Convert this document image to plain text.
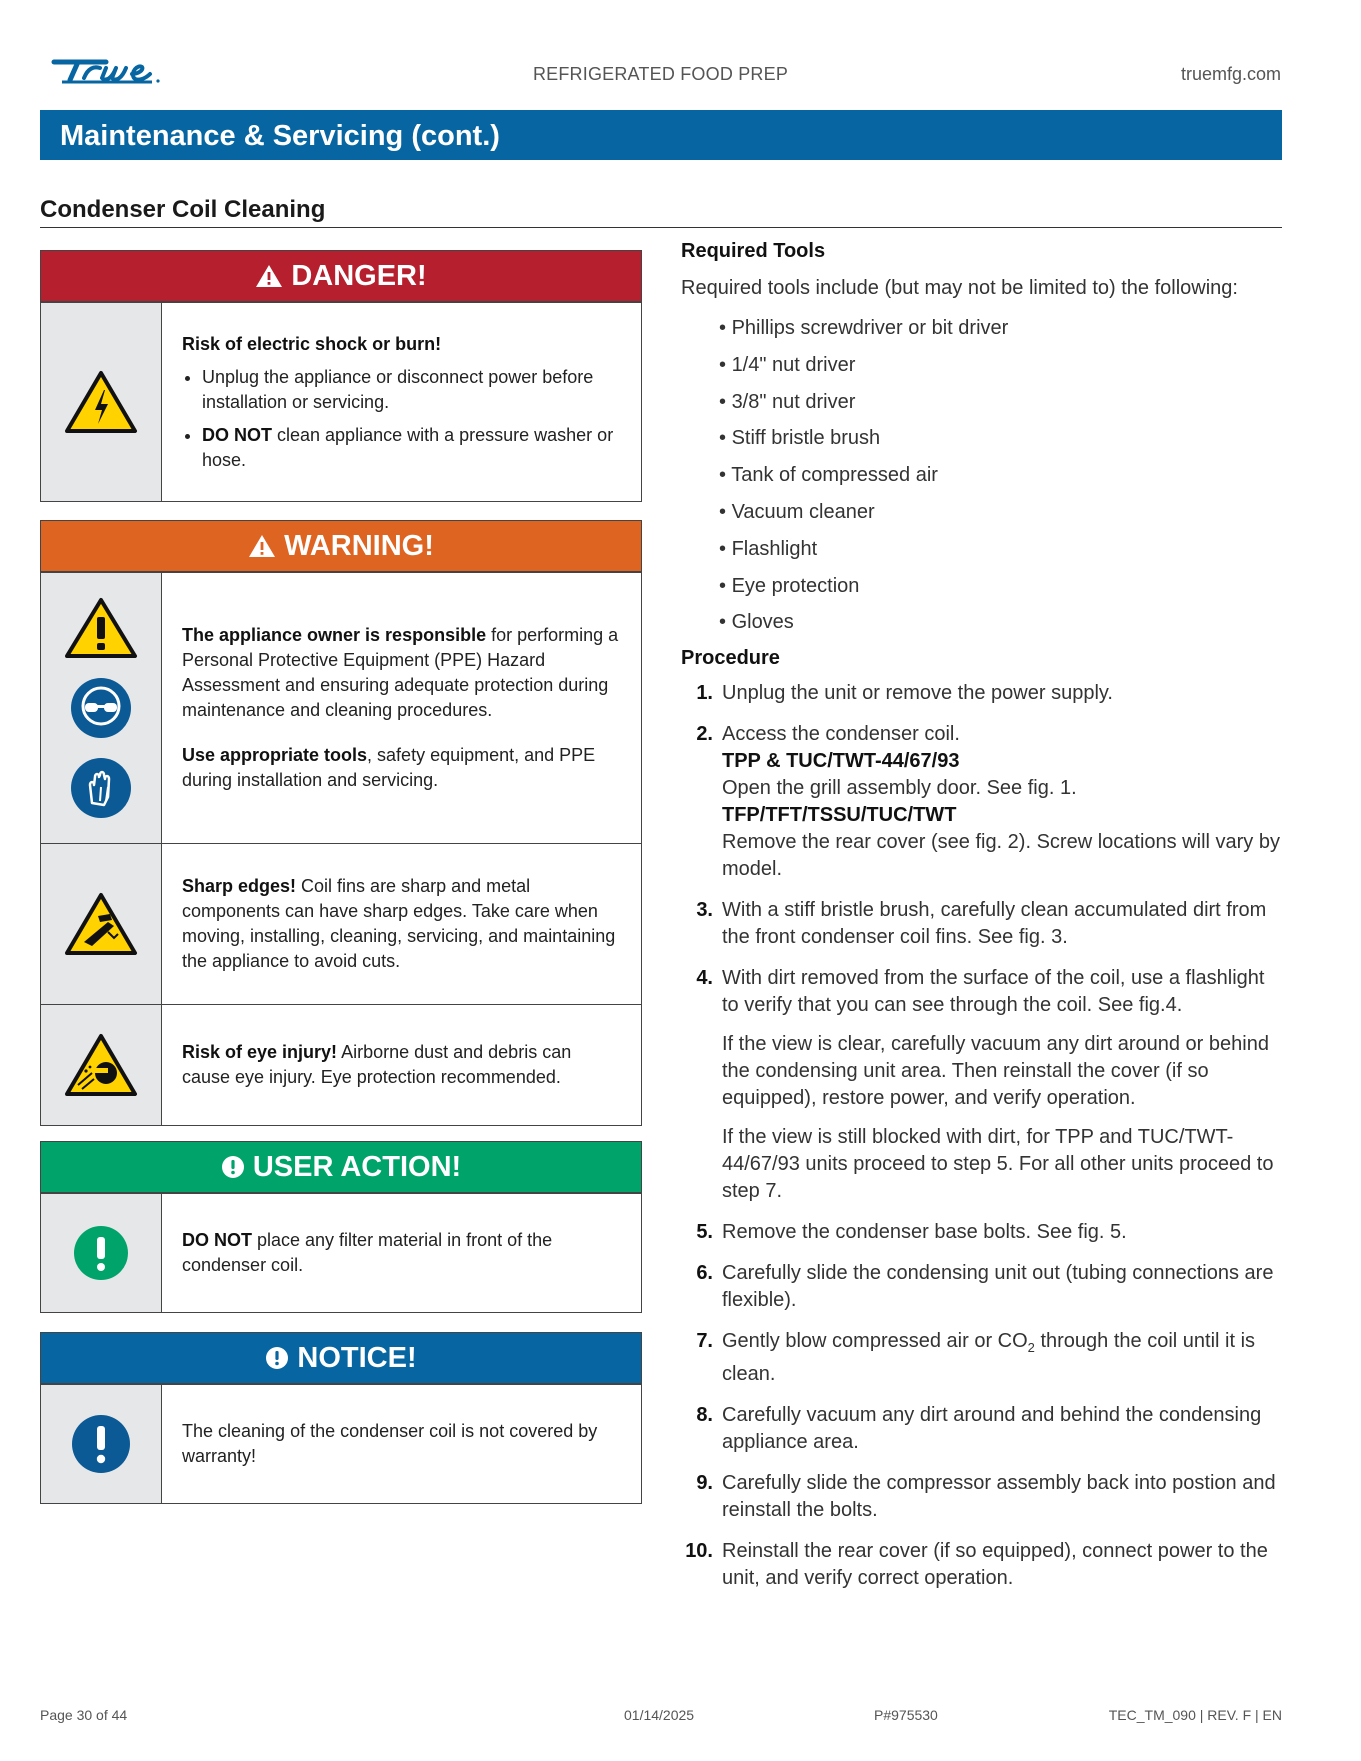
REFRIGERATED FOOD PREP	truemfg.com
Maintenance & Servicing (cont.)
Condenser Coil Cleaning
DANGER!

Risk of electric shock or burn!

• Unplug the appliance or disconnect power before installation or servicing.
• DO NOT clean appliance with a pressure washer or hose.
WARNING!

The appliance owner is responsible for performing a Personal Protective Equipment (PPE) Hazard Assessment and ensuring adequate protection during maintenance and cleaning procedures.

Use appropriate tools, safety equipment, and PPE during installation and servicing.

Sharp edges! Coil fins are sharp and metal components can have sharp edges. Take care when moving, installing, cleaning, servicing, and maintaining the appliance to avoid cuts.

Risk of eye injury! Airborne dust and debris can cause eye injury. Eye protection recommended.

USER ACTION!

DO NOT place any filter material in front of the condenser coil.

NOTICE!

The cleaning of the condenser coil is not covered by warranty!

Required Tools

Required tools include (but may not be limited to) the following:

• Phillips screwdriver or bit driver
• 1/4" nut driver
• 3/8" nut driver
• Stiff bristle brush
• Tank of compressed air
• Vacuum cleaner
• Flashlight
• Eye protection
• Gloves

Procedure

1. Unplug the unit or remove the power supply.

2. Access the condenser coil.

TPP & TUC/TWT-44/67/93

Open the grill assembly door. See fig. 1.

TFP/TFT/TSSU/TUC/TWT

Remove the rear cover (see fig. 2). Screw locations will vary by model.

3. With a stiff bristle brush, carefully clean accumulated dirt from the front condenser coil fins. See fig. 3.

4. With dirt removed from the surface of the coil, use a flashlight to verify that you can see through the coil. See fig.4.

If the view is clear, carefully vacuum any dirt around or behind the condensing unit area. Then reinstall the cover (if so equipped), restore power, and verify operation.

If the view is still blocked with dirt, for TPP and TUC/TWT-44/67/93 units proceed to step 5. For all other units proceed to step 7.

5. Remove the condenser base bolts. See fig. 5.

6. Carefully slide the condensing unit out (tubing connections are flexible).

7. Gently blow compressed air or $CO_2$ through the coil until it is clean.

8. Carefully vacuum any dirt around and behind the condensing appliance area.

9. Carefully slide the compressor assembly back into postion and reinstall the bolts.

10. Reinstall the rear cover (if so equipped), connect power to the unit, and verify correct operation.

Page 30 of 44	01/14/2025	P#975530	TEC_TM_090 | REV. F | EN
